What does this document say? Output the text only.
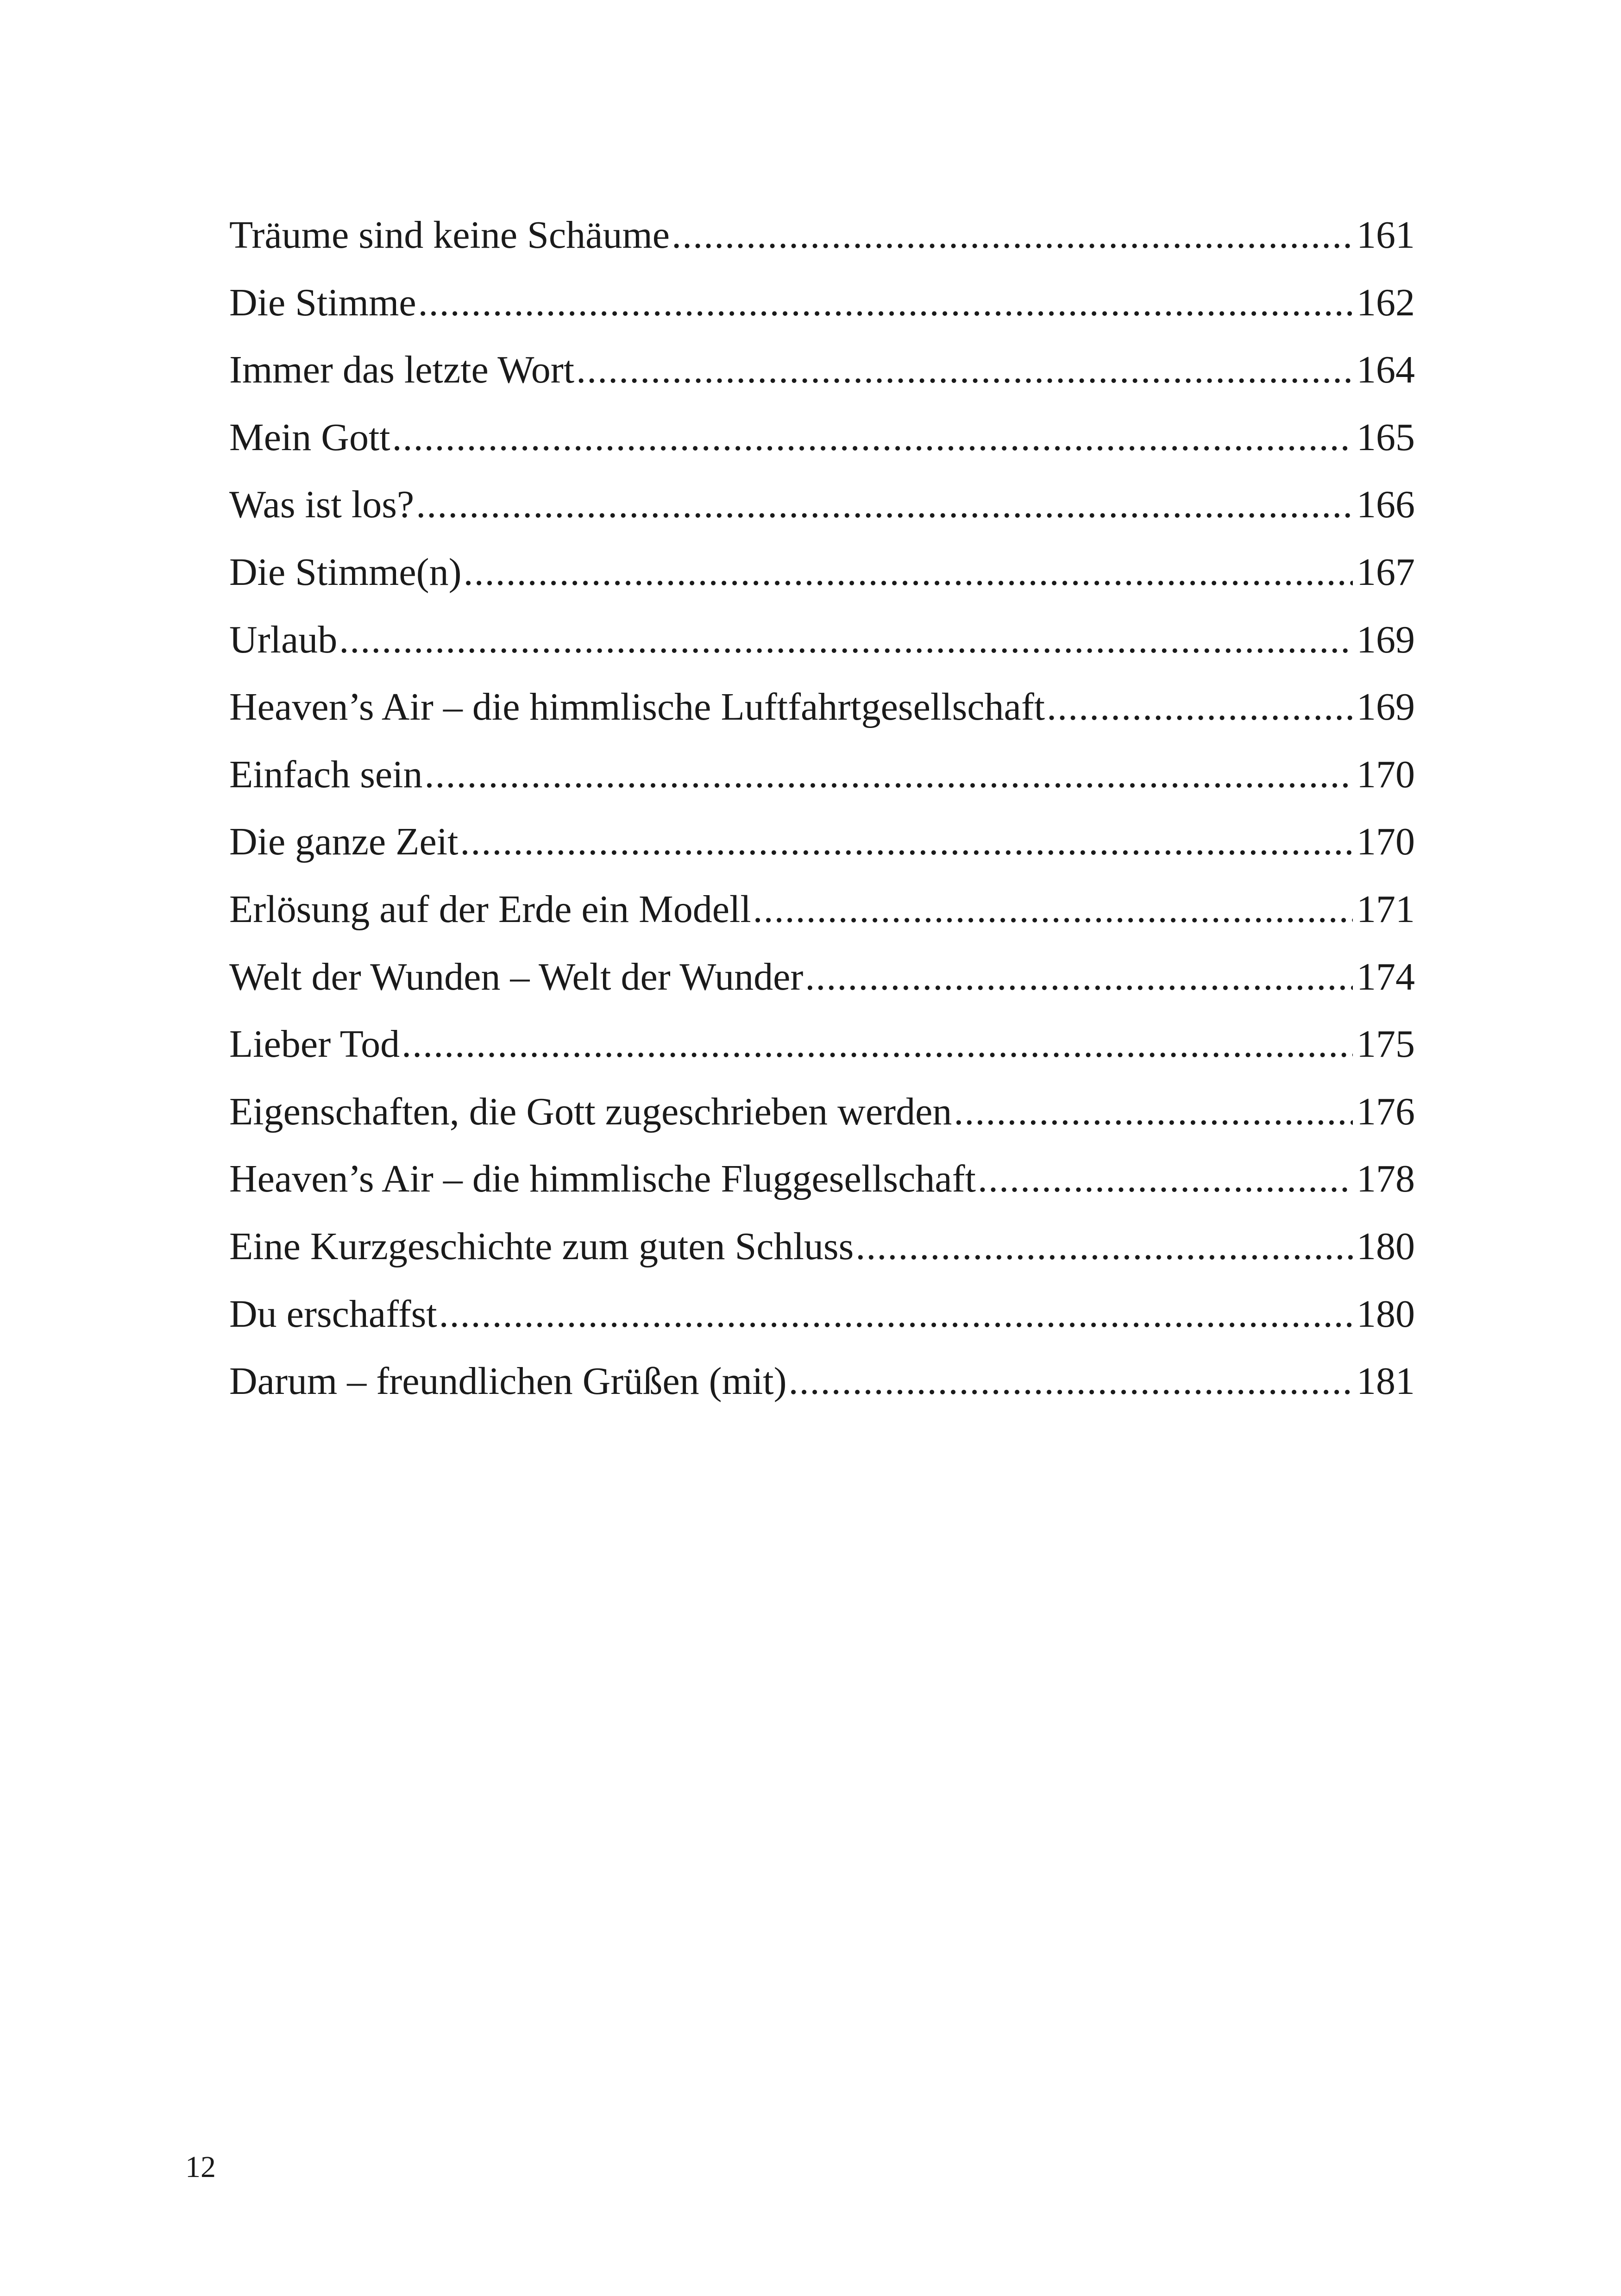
Träume sind keine Schäume .....	161
Die Stimme .....	162
Immer das letzte Wort .....	164
Mein Gott .....	165
Was ist los? .....	166
Die Stimme(n) .....	167
Urlaub .....	169
Heaven’s Air – die himmlische Luftfahrtgesellschaft .....	169
Einfach sein .....	170
Die ganze Zeit .....	170
Erlösung auf der Erde ein Modell .....	171
Welt der Wunden – Welt der Wunder .....	174
Lieber Tod .....	175
Eigenschaften, die Gott zugeschrieben werden .....	176
Heaven’s Air – die himmlische Fluggesellschaft .....	178
Eine Kurzgeschichte zum guten Schluss .....	180
Du erschaffst .....	180
Darum – freundlichen Grüßen (mit) .....	181
12
